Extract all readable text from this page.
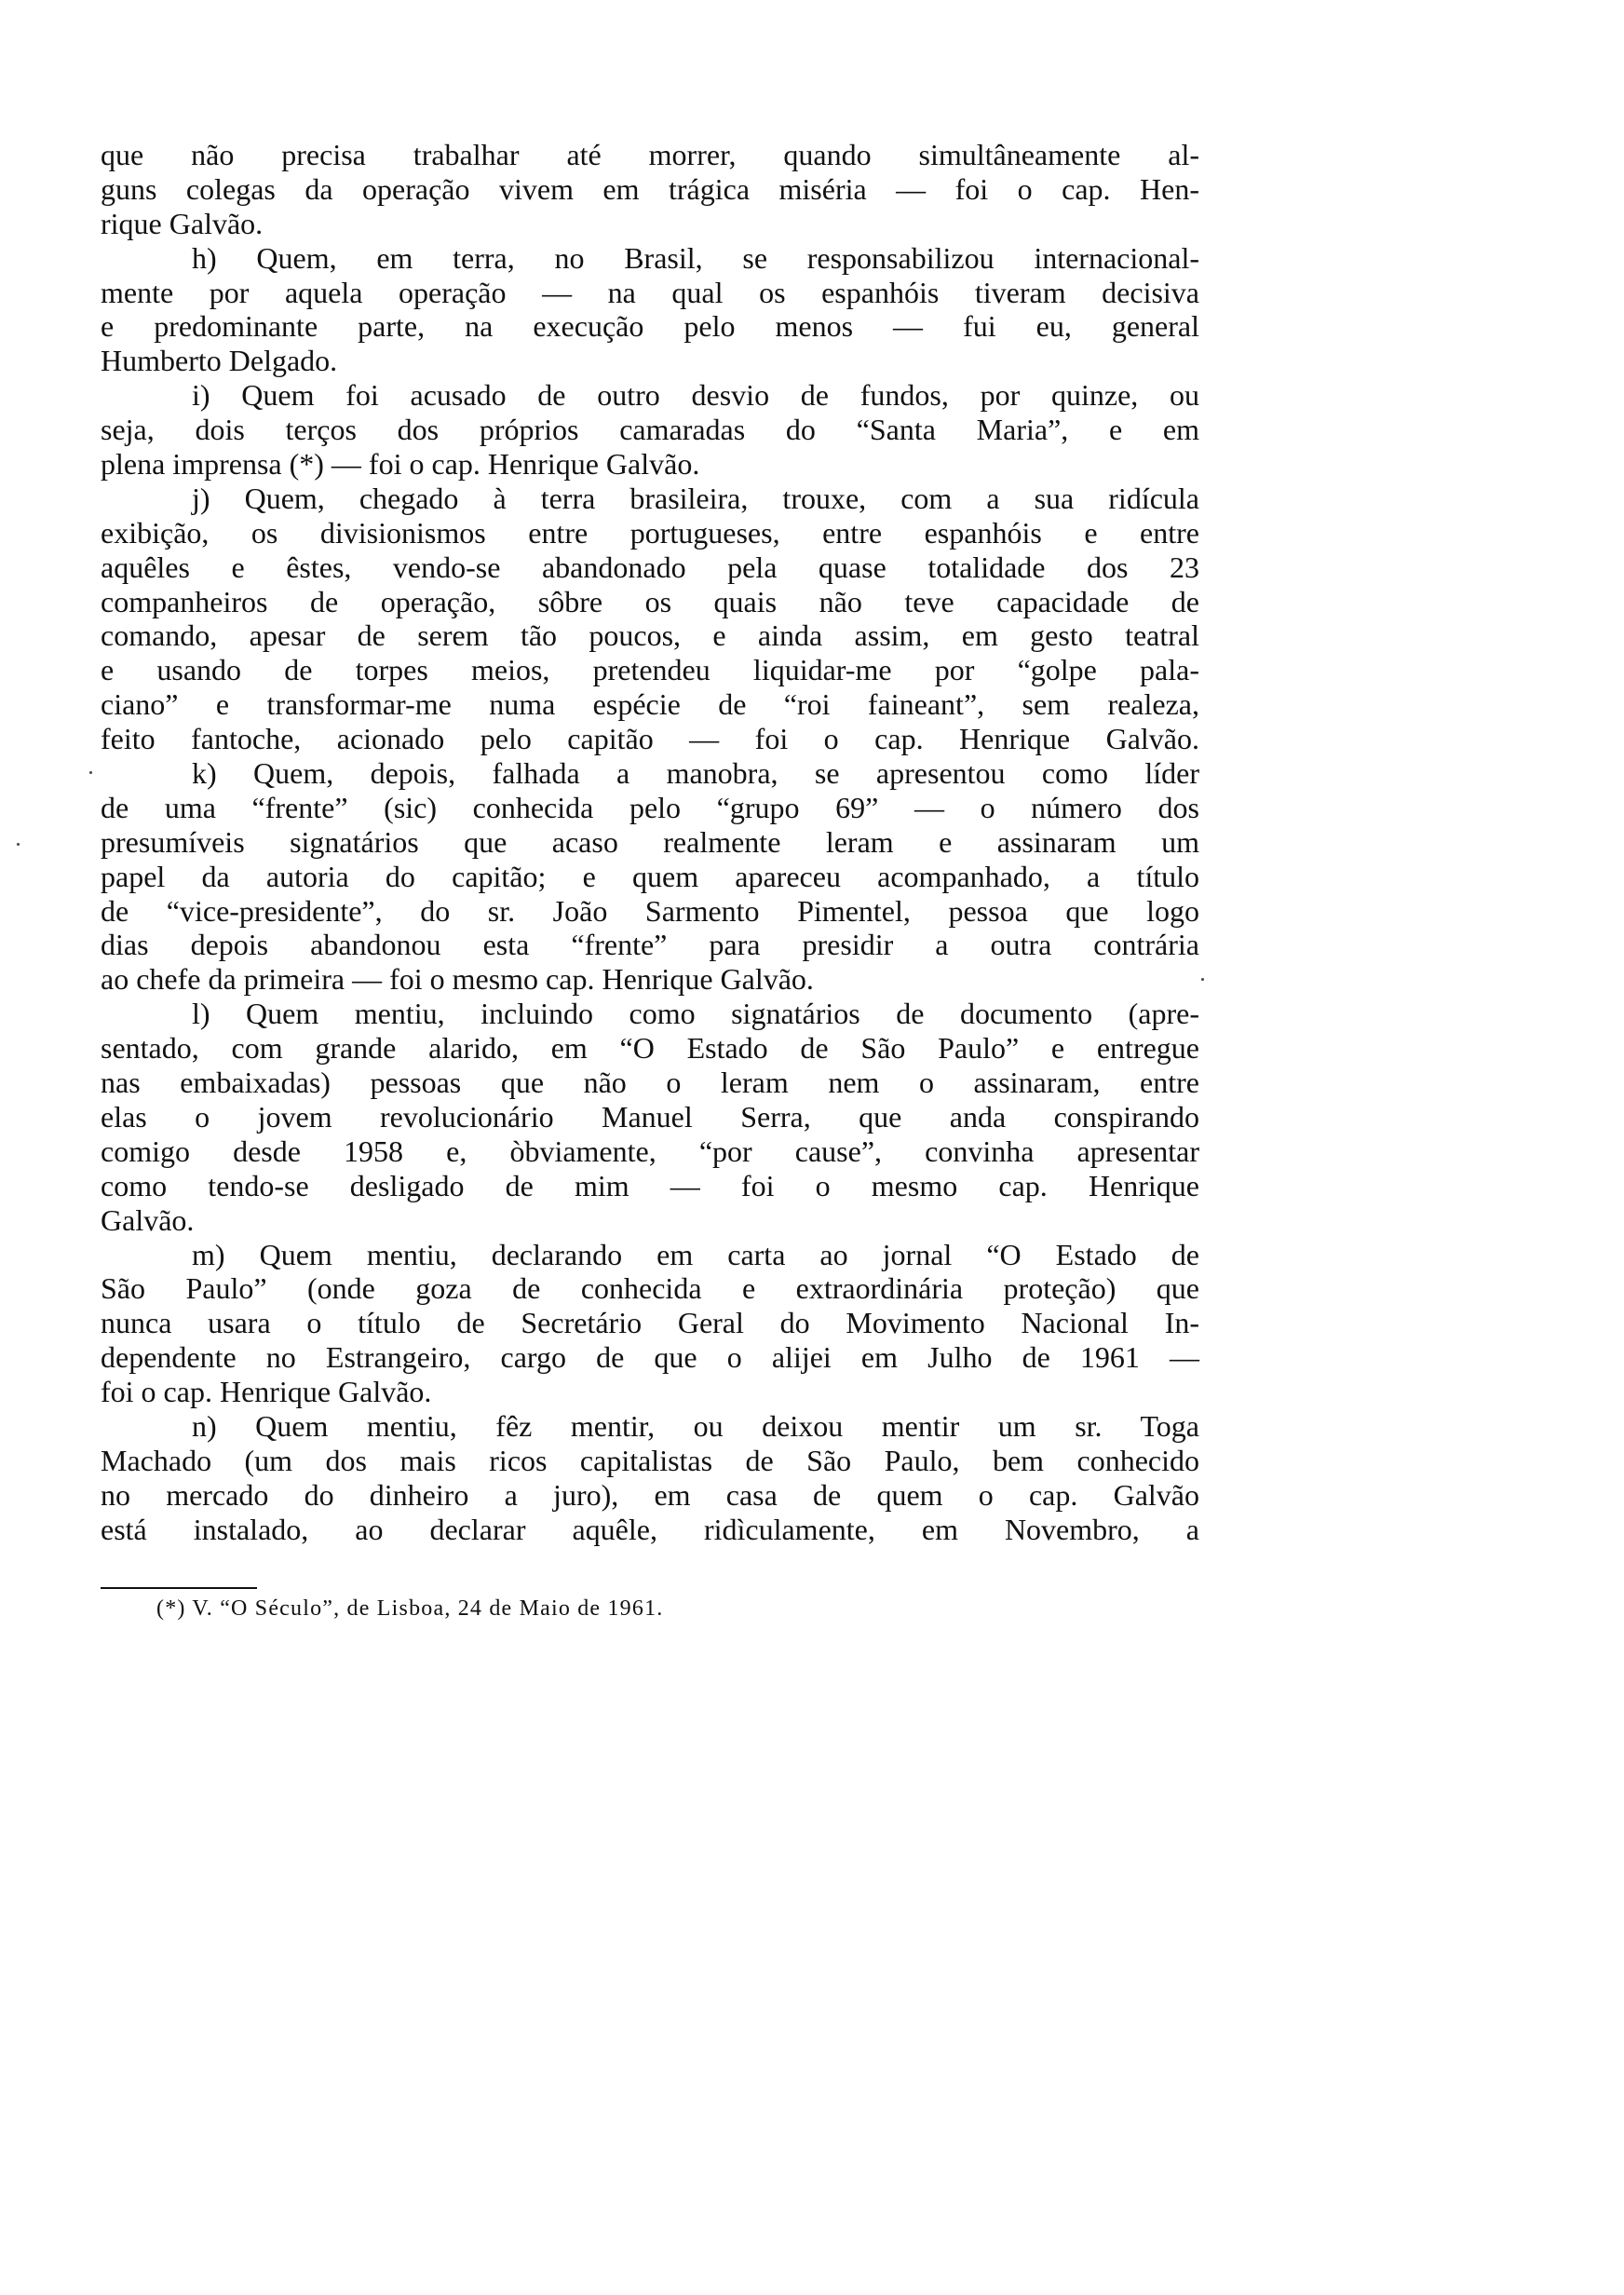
que não precisa trabalhar até morrer, quando simultâneamente al-
guns colegas da operação vivem em trágica miséria — foi o cap. Hen-
rique Galvão.
h) Quem, em terra, no Brasil, se responsabilizou internacional-
mente por aquela operação — na qual os espanhóis tiveram decisiva
e predominante parte, na execução pelo menos — fui eu, general
Humberto Delgado.
i) Quem foi acusado de outro desvio de fundos, por quinze, ou
seja, dois terços dos próprios camaradas do “Santa Maria”, e em
plena imprensa (*) — foi o cap. Henrique Galvão.
j) Quem, chegado à terra brasileira, trouxe, com a sua ridícula
exibição, os divisionismos entre portugueses, entre espanhóis e entre
aquêles e êstes, vendo-se abandonado pela quase totalidade dos 23
companheiros de operação, sôbre os quais não teve capacidade de
comando, apesar de serem tão poucos, e ainda assim, em gesto teatral
e usando de torpes meios, pretendeu liquidar-me por “golpe pala-
ciano” e transformar-me numa espécie de “roi faineant”, sem realeza,
feito fantoche, acionado pelo capitão — foi o cap. Henrique Galvão.
k) Quem, depois, falhada a manobra, se apresentou como líder
de uma “frente” (sic) conhecida pelo “grupo 69” — o número dos
presumíveis signatários que acaso realmente leram e assinaram um
papel da autoria do capitão; e quem apareceu acompanhado, a título
de “vice-presidente”, do sr. João Sarmento Pimentel, pessoa que logo
dias depois abandonou esta “frente” para presidir a outra contrária
ao chefe da primeira — foi o mesmo cap. Henrique Galvão.
l) Quem mentiu, incluindo como signatários de documento (apre-
sentado, com grande alarido, em “O Estado de São Paulo” e entregue
nas embaixadas) pessoas que não o leram nem o assinaram, entre
elas o jovem revolucionário Manuel Serra, que anda conspirando
comigo desde 1958 e, òbviamente, “por cause”, convinha apresentar
como tendo-se desligado de mim — foi o mesmo cap. Henrique
Galvão.
m) Quem mentiu, declarando em carta ao jornal “O Estado de
São Paulo” (onde goza de conhecida e extraordinária proteção) que
nunca usara o título de Secretário Geral do Movimento Nacional In-
dependente no Estrangeiro, cargo de que o alijei em Julho de 1961 —
foi o cap. Henrique Galvão.
n) Quem mentiu, fêz mentir, ou deixou mentir um sr. Toga
Machado (um dos mais ricos capitalistas de São Paulo, bem conhecido
no mercado do dinheiro a juro), em casa de quem o cap. Galvão
está instalado, ao declarar aquêle, ridìculamente, em Novembro, a
(*) V. “O Século”, de Lisboa, 24 de Maio de 1961.
